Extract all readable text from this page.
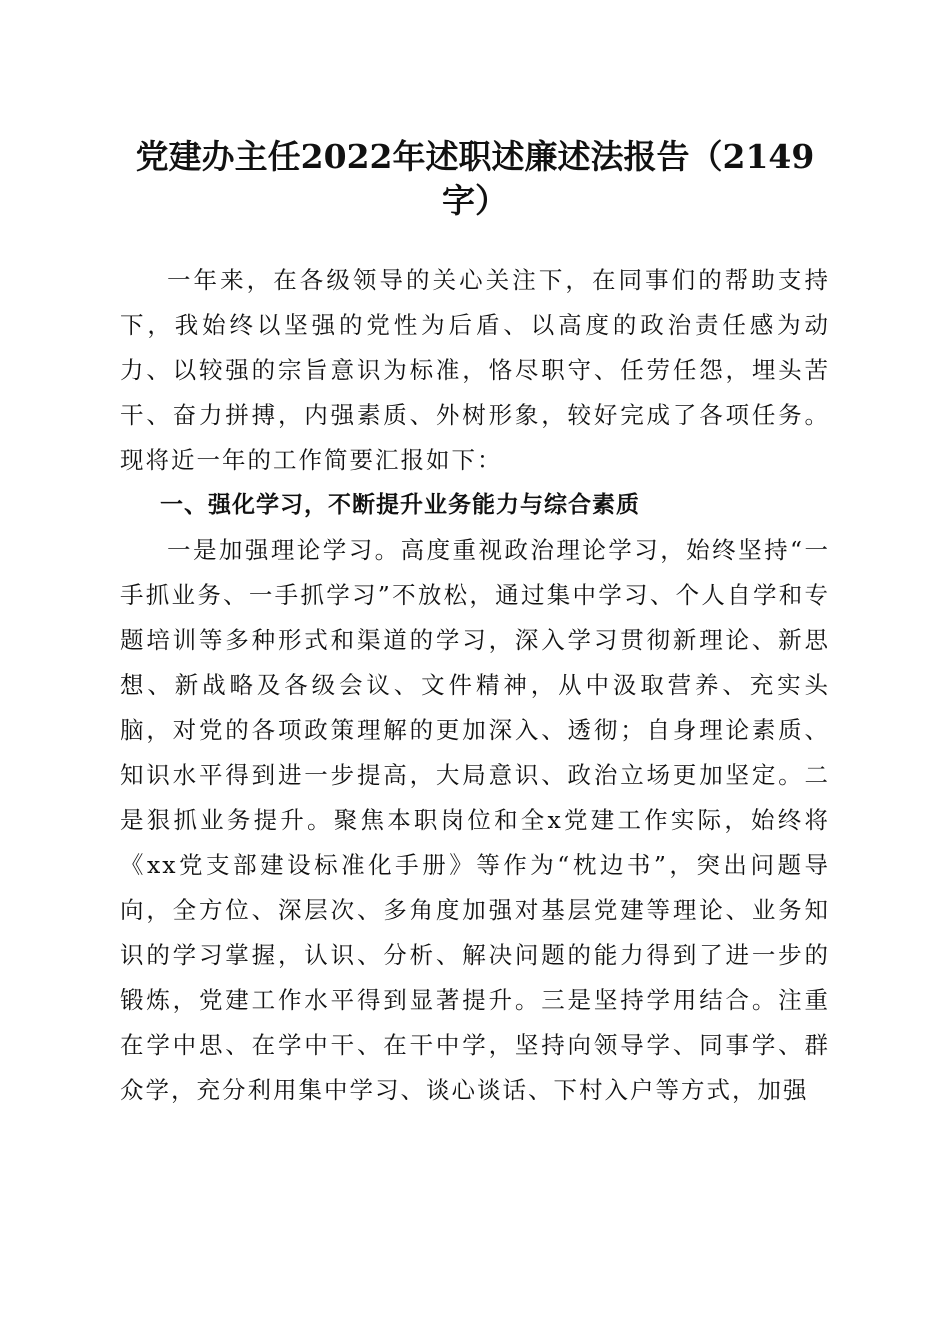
党建办主任2022年述职述廉述法报告（2149字）

一年来，在各级领导的关心关注下，在同事们的帮助支持下，我始终以坚强的党性为后盾、以高度的政治责任感为动力、以较强的宗旨意识为标准，恪尽职守、任劳任怨，埋头苦干、奋力拼搏，内强素质、外树形象，较好完成了各项任务。现将近一年的工作简要汇报如下：

一、强化学习，不断提升业务能力与综合素质

一是加强理论学习。高度重视政治理论学习，始终坚持“一手抓业务、一手抓学习”不放松，通过集中学习、个人自学和专题培训等多种形式和渠道的学习，深入学习贯彻新理论、新思想、新战略及各级会议、文件精神，从中汲取营养、充实头脑，对党的各项政策理解的更加深入、透彻；自身理论素质、知识水平得到进一步提高，大局意识、政治立场更加坚定。二是狠抓业务提升。聚焦本职岗位和全x党建工作实际，始终将《xx党支部建设标准化手册》等作为“枕边书”，突出问题导向，全方位、深层次、多角度加强对基层党建等理论、业务知识的学习掌握，认识、分析、解决问题的能力得到了进一步的锻炼，党建工作水平得到显著提升。三是坚持学用结合。注重在学中思、在学中干、在干中学，坚持向领导学、同事学、群众学，充分利用集中学习、谈心谈话、下村入户等方式，加强
